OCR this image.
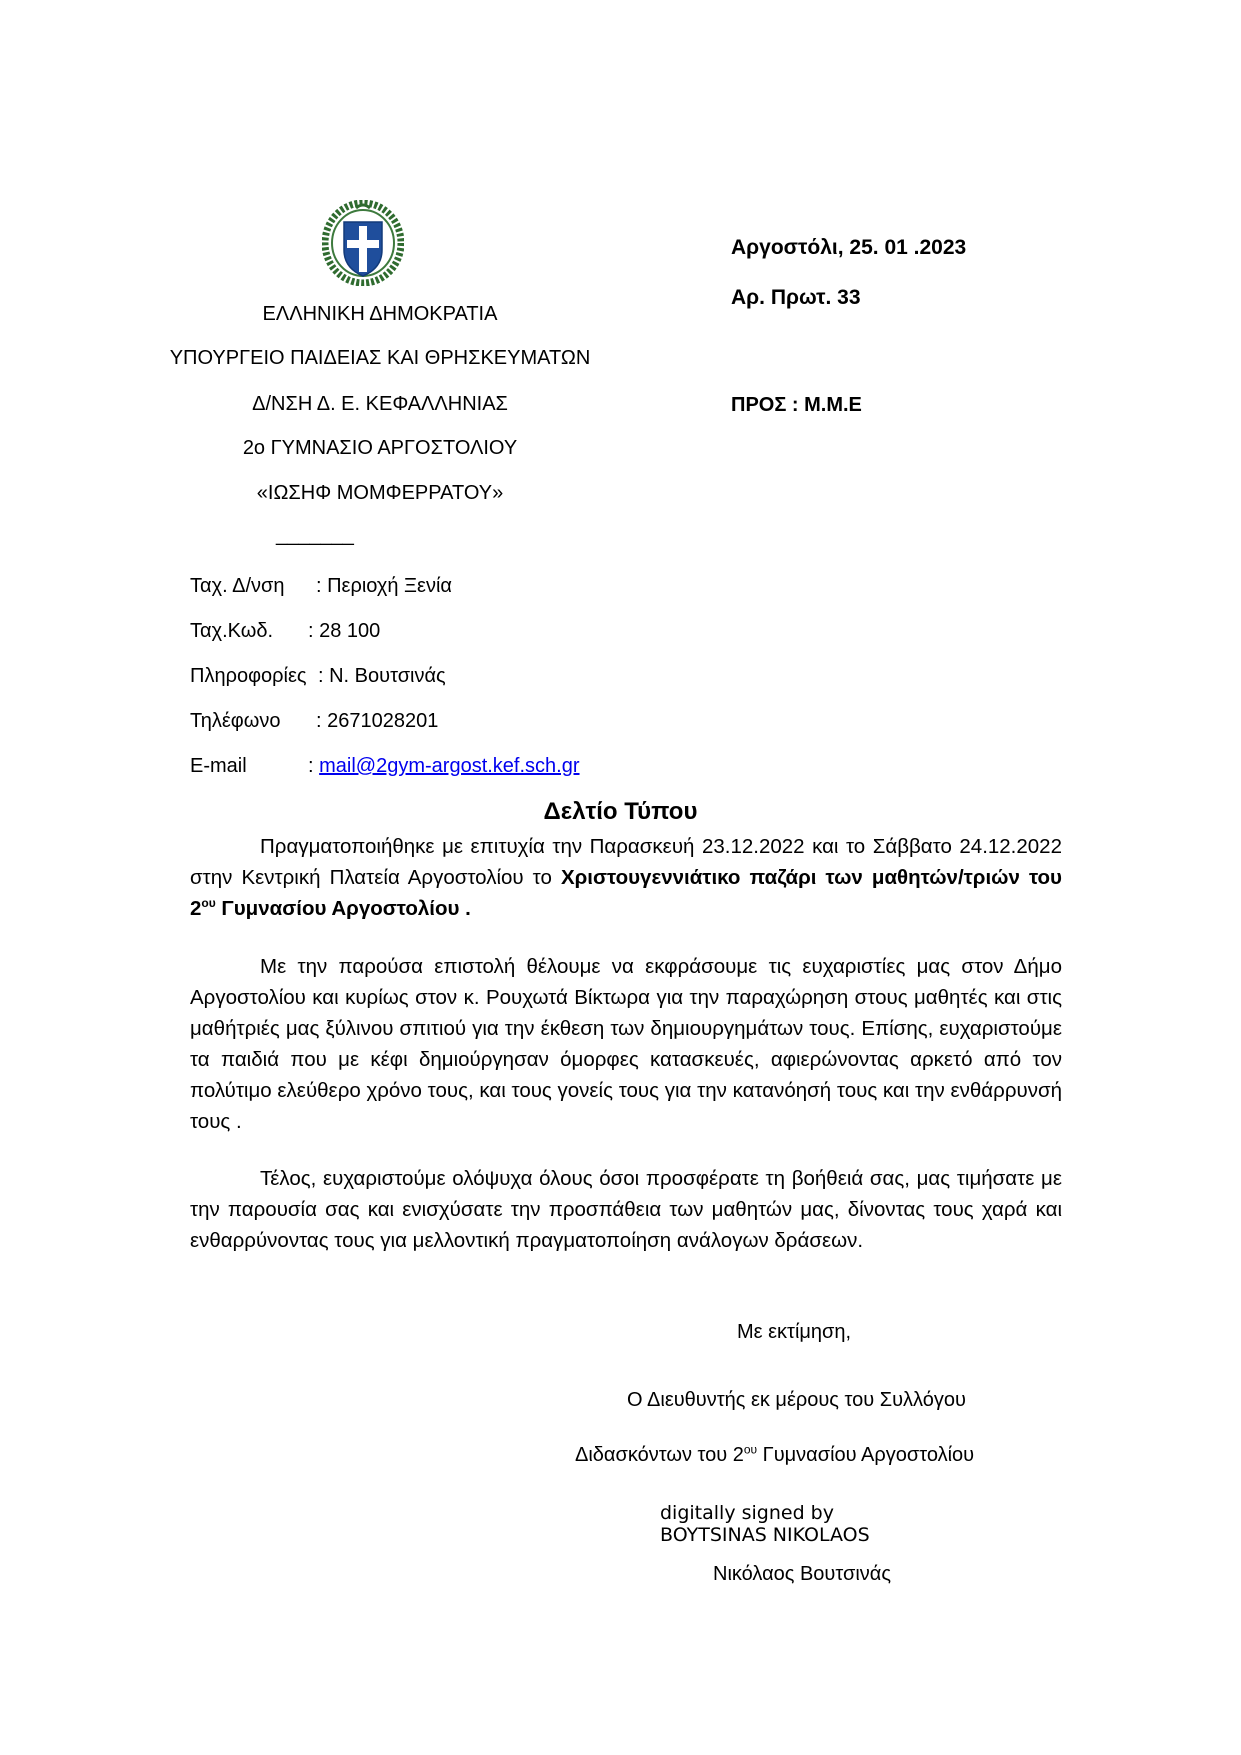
ΕΛΛΗΝΙΚΗ ΔΗΜΟΚΡΑΤΙΑ
ΥΠΟΥΡΓΕΙΟ ΠΑΙΔΕΙΑΣ ΚΑΙ ΘΡΗΣΚΕΥΜΑΤΩΝ
Δ/ΝΣΗ Δ. Ε. ΚΕΦΑΛΛΗΝΙΑΣ
2ο ΓΥΜΝΑΣΙΟ ΑΡΓΟΣΤΟΛΙΟΥ
«ΙΩΣΗΦ ΜΟΜΦΕΡΡΑΤΟΥ»
_______
Αργοστόλι, 25. 01 .2023
Αρ. Πρωτ. 33
ΠΡΟΣ : Μ.Μ.Ε
Ταχ. Δ/νση : Περιοχή Ξενία
Ταχ.Κωδ. : 28 100
Πληροφορίες : Ν. Βουτσινάς
Τηλέφωνο : 2671028201
E-mail	: mail@2gym-argost.kef.sch.gr
Δελτίο Τύπου
Πραγματοποιήθηκε με επιτυχία την Παρασκευή 23.12.2022 και το Σάββατο 24.12.2022 στην Κεντρική Πλατεία Αργοστολίου το Χριστουγεννιάτικο παζάρι των μαθητών/τριών του $2^{o\upsilon}$ Γυμνασίου Αργοστολίου .
Με την παρούσα επιστολή θέλουμε να εκφράσουμε τις ευχαριστίες μας στον Δήμο Αργοστολίου και κυρίως στον κ. Ρουχωτά Βίκτωρα για την παραχώρηση στους μαθητές και στις μαθήτριές μας ξύλινου σπιτιού για την έκθεση των δημιουργημάτων τους. Επίσης, ευχαριστούμε τα παιδιά που με κέφι δημιούργησαν όμορφες κατασκευές, αφιερώνοντας αρκετό από τον πολύτιμο ελεύθερο χρόνο τους, και τους γονείς τους για την κατανόησή τους και την ενθάρρυνσή τους .
Τέλος, ευχαριστούμε ολόψυχα όλους όσοι προσφέρατε τη βοήθειά σας, μας τιμήσατε με την παρουσία σας και ενισχύσατε την προσπάθεια των μαθητών μας, δίνοντας τους χαρά και ενθαρρύνοντας τους για μελλοντική πραγματοποίηση ανάλογων δράσεων.
Με εκτίμηση,
Ο Διευθυντής εκ μέρους του Συλλόγου
Διδασκόντων του $2^{o\upsilon}$ Γυμνασίου Αργοστολίου
digitally signed by
BOYTSINAS NIKOLAOS
Νικόλαος Βουτσινάς
